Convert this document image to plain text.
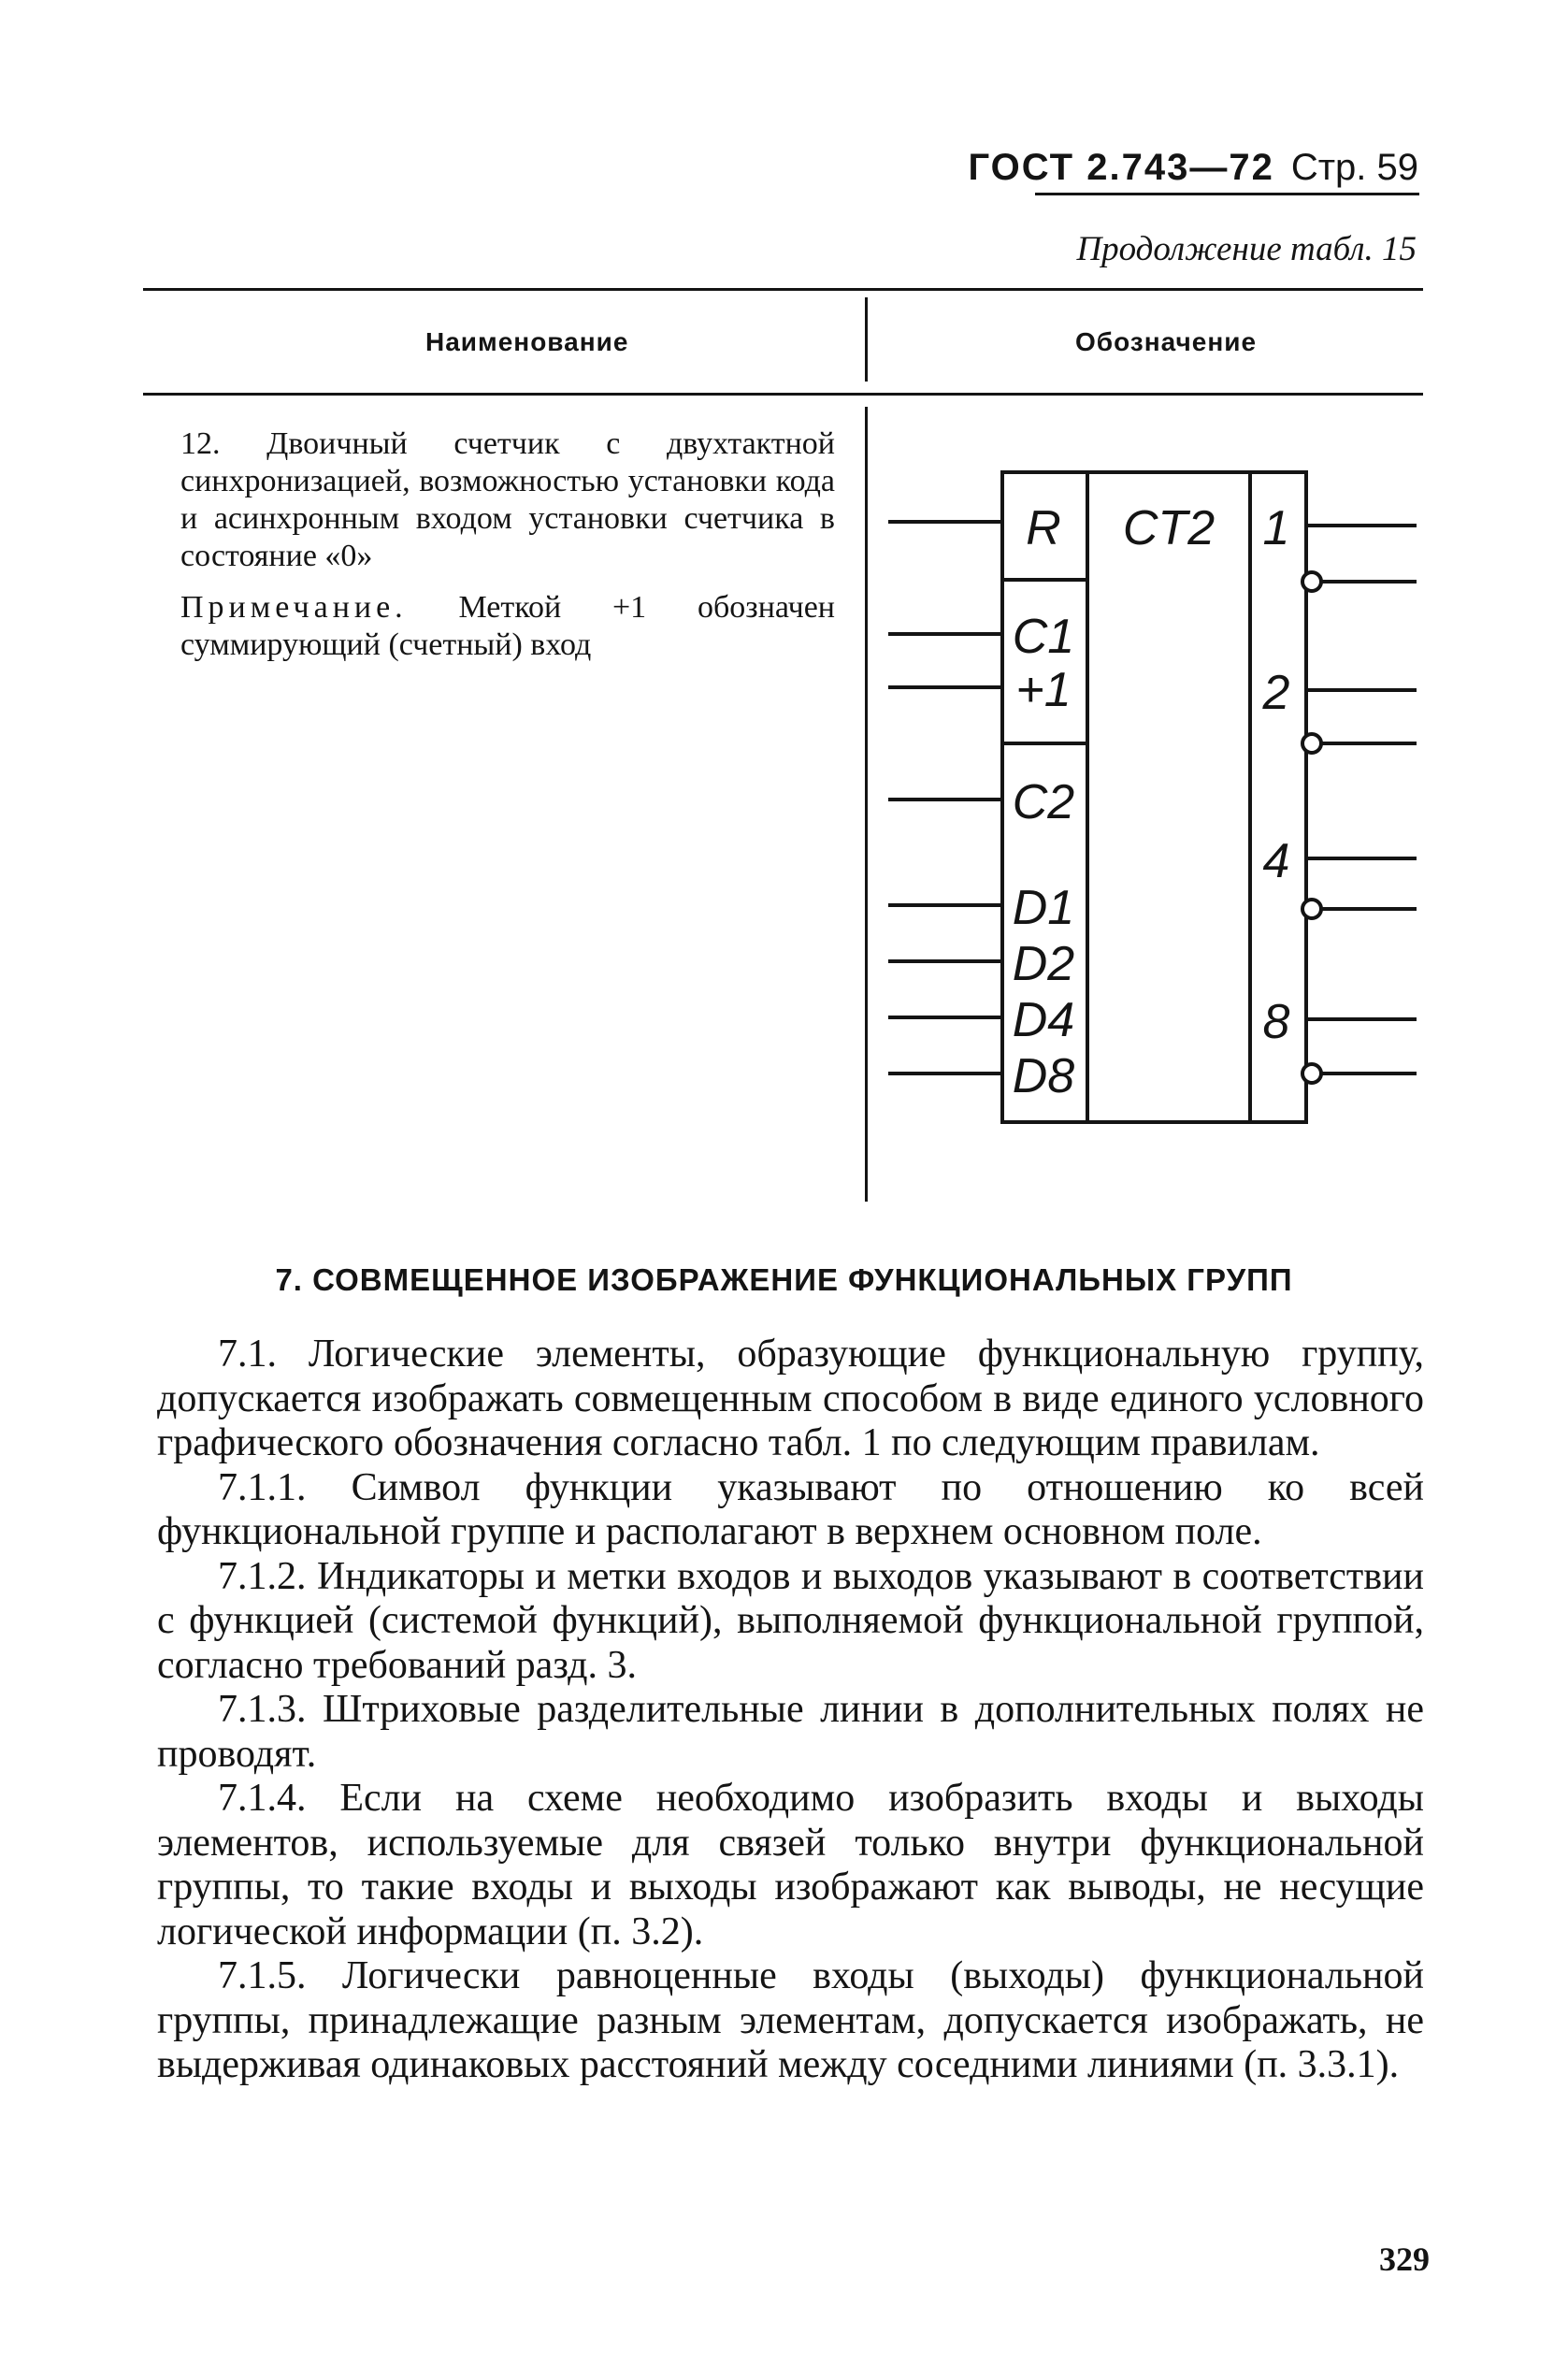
ГОСТ 2.743—72 Стр. 59
Продолжение табл. 15
Наименование	Обозначение
12. Двоичный счетчик с двухтактной синхронизацией, возможностью установки кода и асинхронным входом установки счетчика в состояние «0»
Примечание. Меткой +1 обозначен суммирующий (счетный) вход
R
C1
+1
C2
D1
D2
D4
D8
CT2 1
2
4
8
7. СОВМЕЩЕННОЕ ИЗОБРАЖЕНИЕ ФУНКЦИОНАЛЬНЫХ ГРУПП

7.1. Логические элементы, образующие функциональную группу, допускается изображать совмещенным способом в виде единого условного графического обозначения согласно табл. 1 по следующим правилам.

7.1.1. Символ функции указывают по отношению ко всей функциональной группе и располагают в верхнем основном поле.

7.1.2. Индикаторы и метки входов и выходов указывают в соответствии с функцией (системой функций), выполняемой функциональной группой, согласно требований разд. 3.

7.1.3. Штриховые разделительные линии в дополнительных полях не проводят.

7.1.4. Если на схеме необходимо изобразить входы и выходы элементов, используемые для связей только внутри функциональной группы, то такие входы и выходы изображают как выводы, не несущие логической информации (п. 3.2).

7.1.5. Логически равноценные входы (выходы) функциональной группы, принадлежащие разным элементам, допускается изображать, не выдерживая одинаковых расстояний между соседними линиями (п. 3.3.1).

329
